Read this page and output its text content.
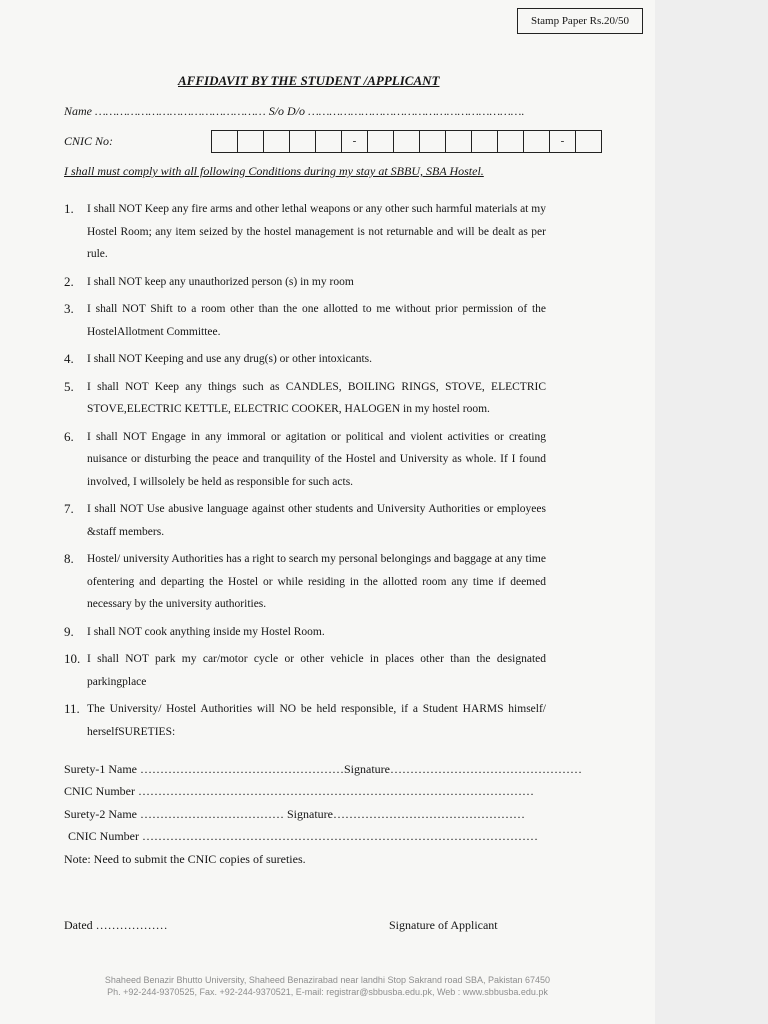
Stamp Paper Rs.20/50
AFFIDAVIT BY THE STUDENT /APPLICANT
Name ………………………………………… S/o D/o …………………………………………………….
CNIC No:	-	-
I shall must comply with all following Conditions during my stay at SBBU, SBA Hostel.
1. I shall NOT Keep any fire arms and other lethal weapons or any other such harmful materials at my Hostel Room; any item seized by the hostel management is not returnable and will be dealt as per rule.
2. I shall NOT keep any unauthorized person (s) in my room
3. I shall NOT Shift to a room other than the one allotted to me without prior permission of the HostelAllotment Committee.
4. I shall NOT Keeping and use any drug(s) or other intoxicants.
5. I shall NOT Keep any things such as CANDLES, BOILING RINGS, STOVE, ELECTRIC STOVE,ELECTRIC KETTLE, ELECTRIC COOKER, HALOGEN in my hostel room.
6. I shall NOT Engage in any immoral or agitation or political and violent activities or creating nuisance or disturbing the peace and tranquility of the Hostel and University as whole. If I found involved, I willsolely be held as responsible for such acts.
7. I shall NOT Use abusive language against other students and University Authorities or employees &staff members.
8. Hostel/ university Authorities has a right to search my personal belongings and baggage at any time ofentering and departing the Hostel or while residing in the allotted room any time if deemed necessary by the university authorities.
9. I shall NOT cook anything inside my Hostel Room.
10. I shall NOT park my car/motor cycle or other vehicle in places other than the designated parkingplace
11. The University/ Hostel Authorities will NO be held responsible, if a Student HARMS himself/ herselfSURETIES:
Surety-1 Name ……………………………………………Signature…………………………………………
CNIC Number ………………………………………………………………………………………
Surety-2 Name ……………………………… Signature…………………………………………
CNIC Number ………………………………………………………………………………………
Note: Need to submit the CNIC copies of sureties.
Dated ………………	Signature of Applicant
Shaheed Benazir Bhutto University, Shaheed Benazirabad near landhi Stop Sakrand road SBA, Pakistan 67450
Ph. +92-244-9370525, Fax. +92-244-9370521, E-mail: registrar@sbbusba.edu.pk, Web : www.sbbusba.edu.pk
